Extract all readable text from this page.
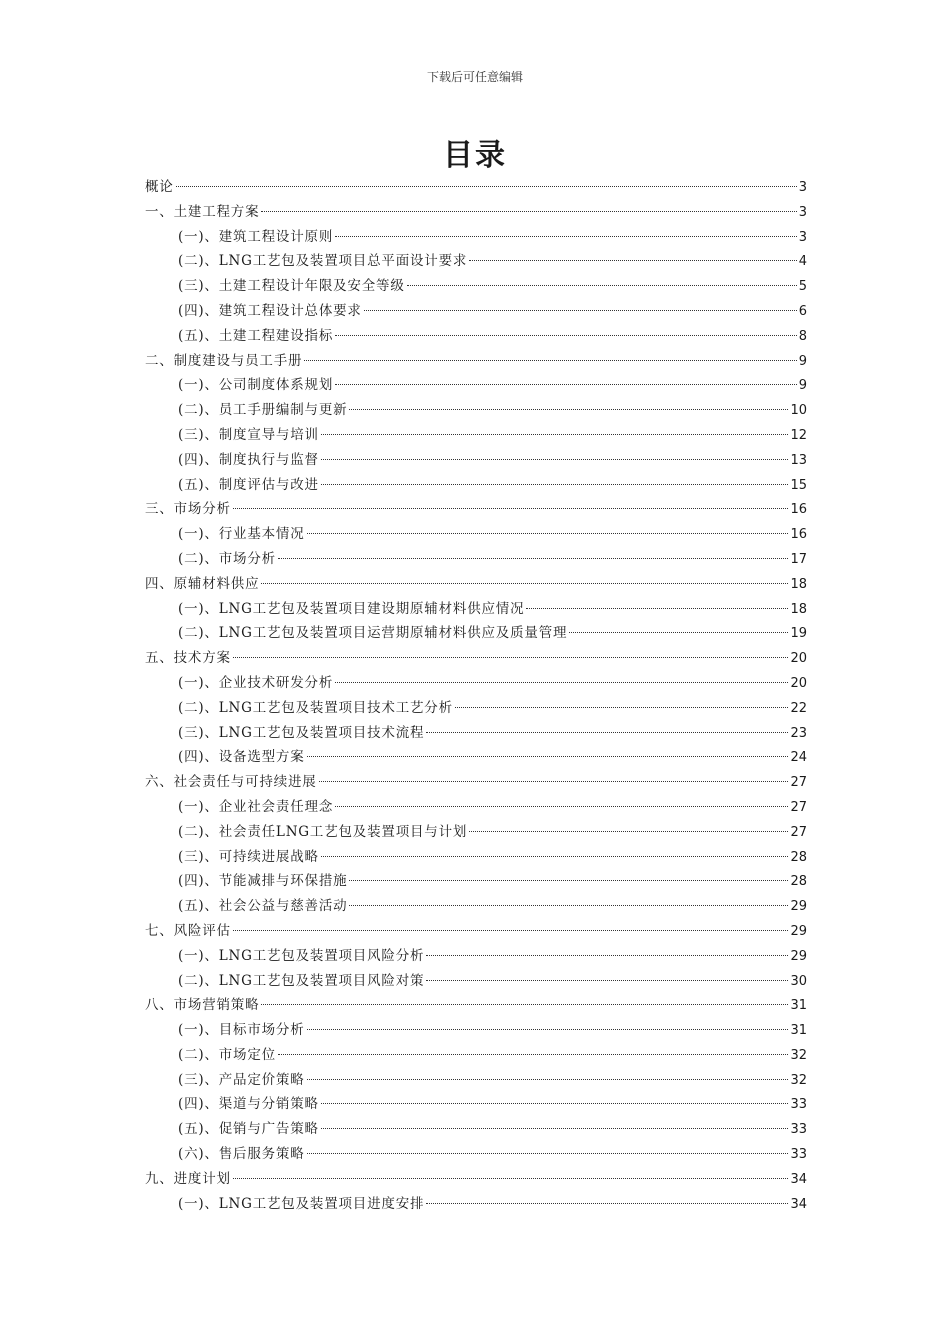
下载后可任意编辑
目录
概论	3
一、土建工程方案	3
(一)、建筑工程设计原则	3
(二)、LNG工艺包及装置项目总平面设计要求	4
(三)、土建工程设计年限及安全等级	5
(四)、建筑工程设计总体要求	6
(五)、土建工程建设指标	8
二、制度建设与员工手册	9
(一)、公司制度体系规划	9
(二)、员工手册编制与更新	10
(三)、制度宣导与培训	12
(四)、制度执行与监督	13
(五)、制度评估与改进	15
三、市场分析	16
(一)、行业基本情况	16
(二)、市场分析	17
四、原辅材料供应	18
(一)、LNG工艺包及装置项目建设期原辅材料供应情况	18
(二)、LNG工艺包及装置项目运营期原辅材料供应及质量管理	19
五、技术方案	20
(一)、企业技术研发分析	20
(二)、LNG工艺包及装置项目技术工艺分析	22
(三)、LNG工艺包及装置项目技术流程	23
(四)、设备选型方案	24
六、社会责任与可持续进展	27
(一)、企业社会责任理念	27
(二)、社会责任LNG工艺包及装置项目与计划	27
(三)、可持续进展战略	28
(四)、节能减排与环保措施	28
(五)、社会公益与慈善活动	29
七、风险评估	29
(一)、LNG工艺包及装置项目风险分析	29
(二)、LNG工艺包及装置项目风险对策	30
八、市场营销策略	31
(一)、目标市场分析	31
(二)、市场定位	32
(三)、产品定价策略	32
(四)、渠道与分销策略	33
(五)、促销与广告策略	33
(六)、售后服务策略	33
九、进度计划	34
(一)、LNG工艺包及装置项目进度安排	34
